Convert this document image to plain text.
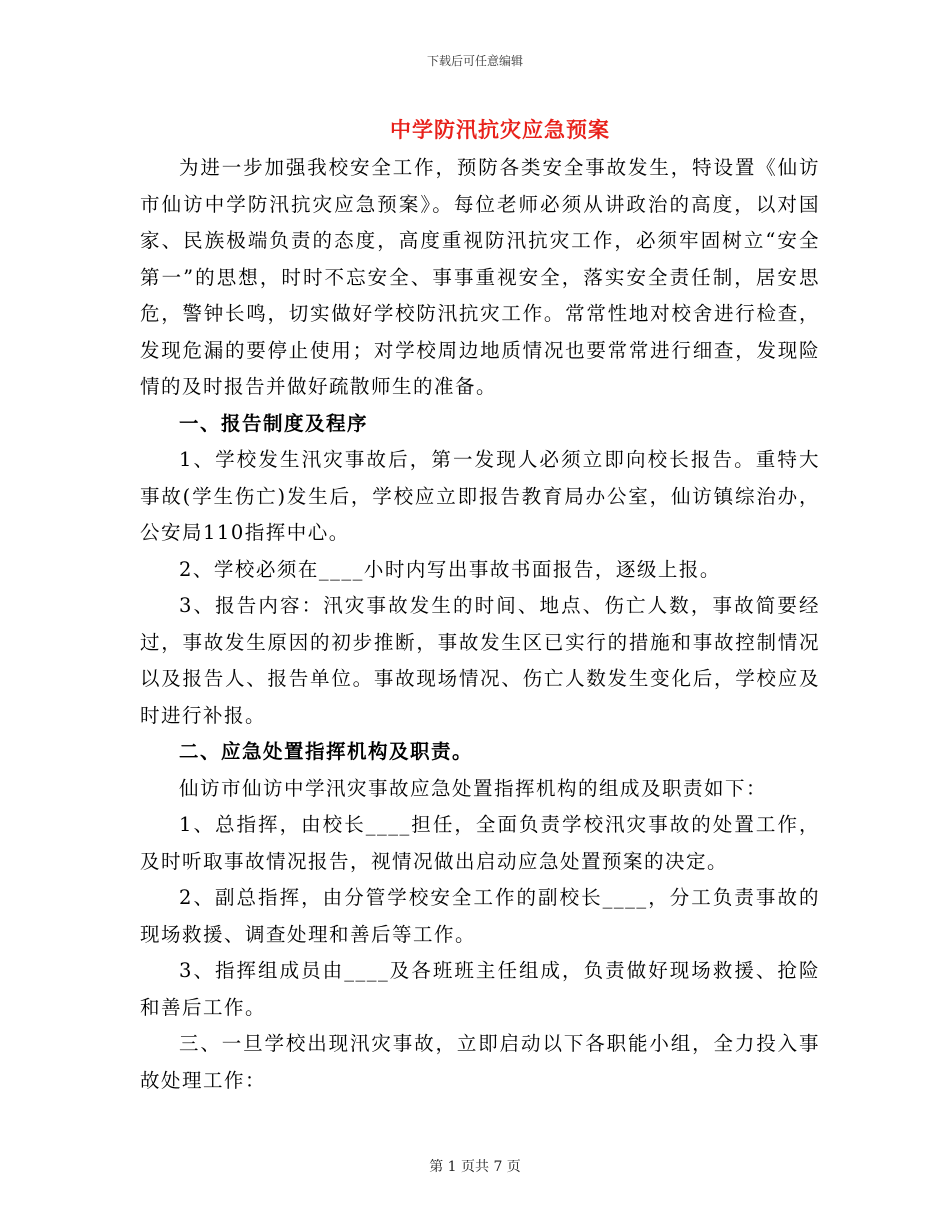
下载后可任意编辑
中学防汛抗灾应急预案

为进一步加强我校安全工作，预防各类安全事故发生，特设置《仙访市仙访中学防汛抗灾应急预案》。每位老师必须从讲政治的高度，以对国家、民族极端负责的态度，高度重视防汛抗灾工作，必须牢固树立“安全第一”的思想，时时不忘安全、事事重视安全，落实安全责任制，居安思危，警钟长鸣，切实做好学校防汛抗灾工作。常常性地对校舍进行检查，发现危漏的要停止使用；对学校周边地质情况也要常常进行细查，发现险情的及时报告并做好疏散师生的准备。

一、报告制度及程序

1、学校发生汛灾事故后，第一发现人必须立即向校长报告。重特大事故(学生伤亡)发生后，学校应立即报告教育局办公室，仙访镇综治办，公安局110指挥中心。

2、学校必须在____小时内写出事故书面报告，逐级上报。

3、报告内容：汛灾事故发生的时间、地点、伤亡人数，事故简要经过，事故发生原因的初步推断，事故发生区已实行的措施和事故控制情况以及报告人、报告单位。事故现场情况、伤亡人数发生变化后，学校应及时进行补报。

二、应急处置指挥机构及职责。

仙访市仙访中学汛灾事故应急处置指挥机构的组成及职责如下：

1、总指挥，由校长____担任，全面负责学校汛灾事故的处置工作，及时听取事故情况报告，视情况做出启动应急处置预案的决定。

2、副总指挥，由分管学校安全工作的副校长____，分工负责事故的现场救援、调查处理和善后等工作。

3、指挥组成员由____及各班班主任组成，负责做好现场救援、抢险和善后工作。

三、一旦学校出现汛灾事故，立即启动以下各职能小组，全力投入事故处理工作：

第 1 页共 7 页
